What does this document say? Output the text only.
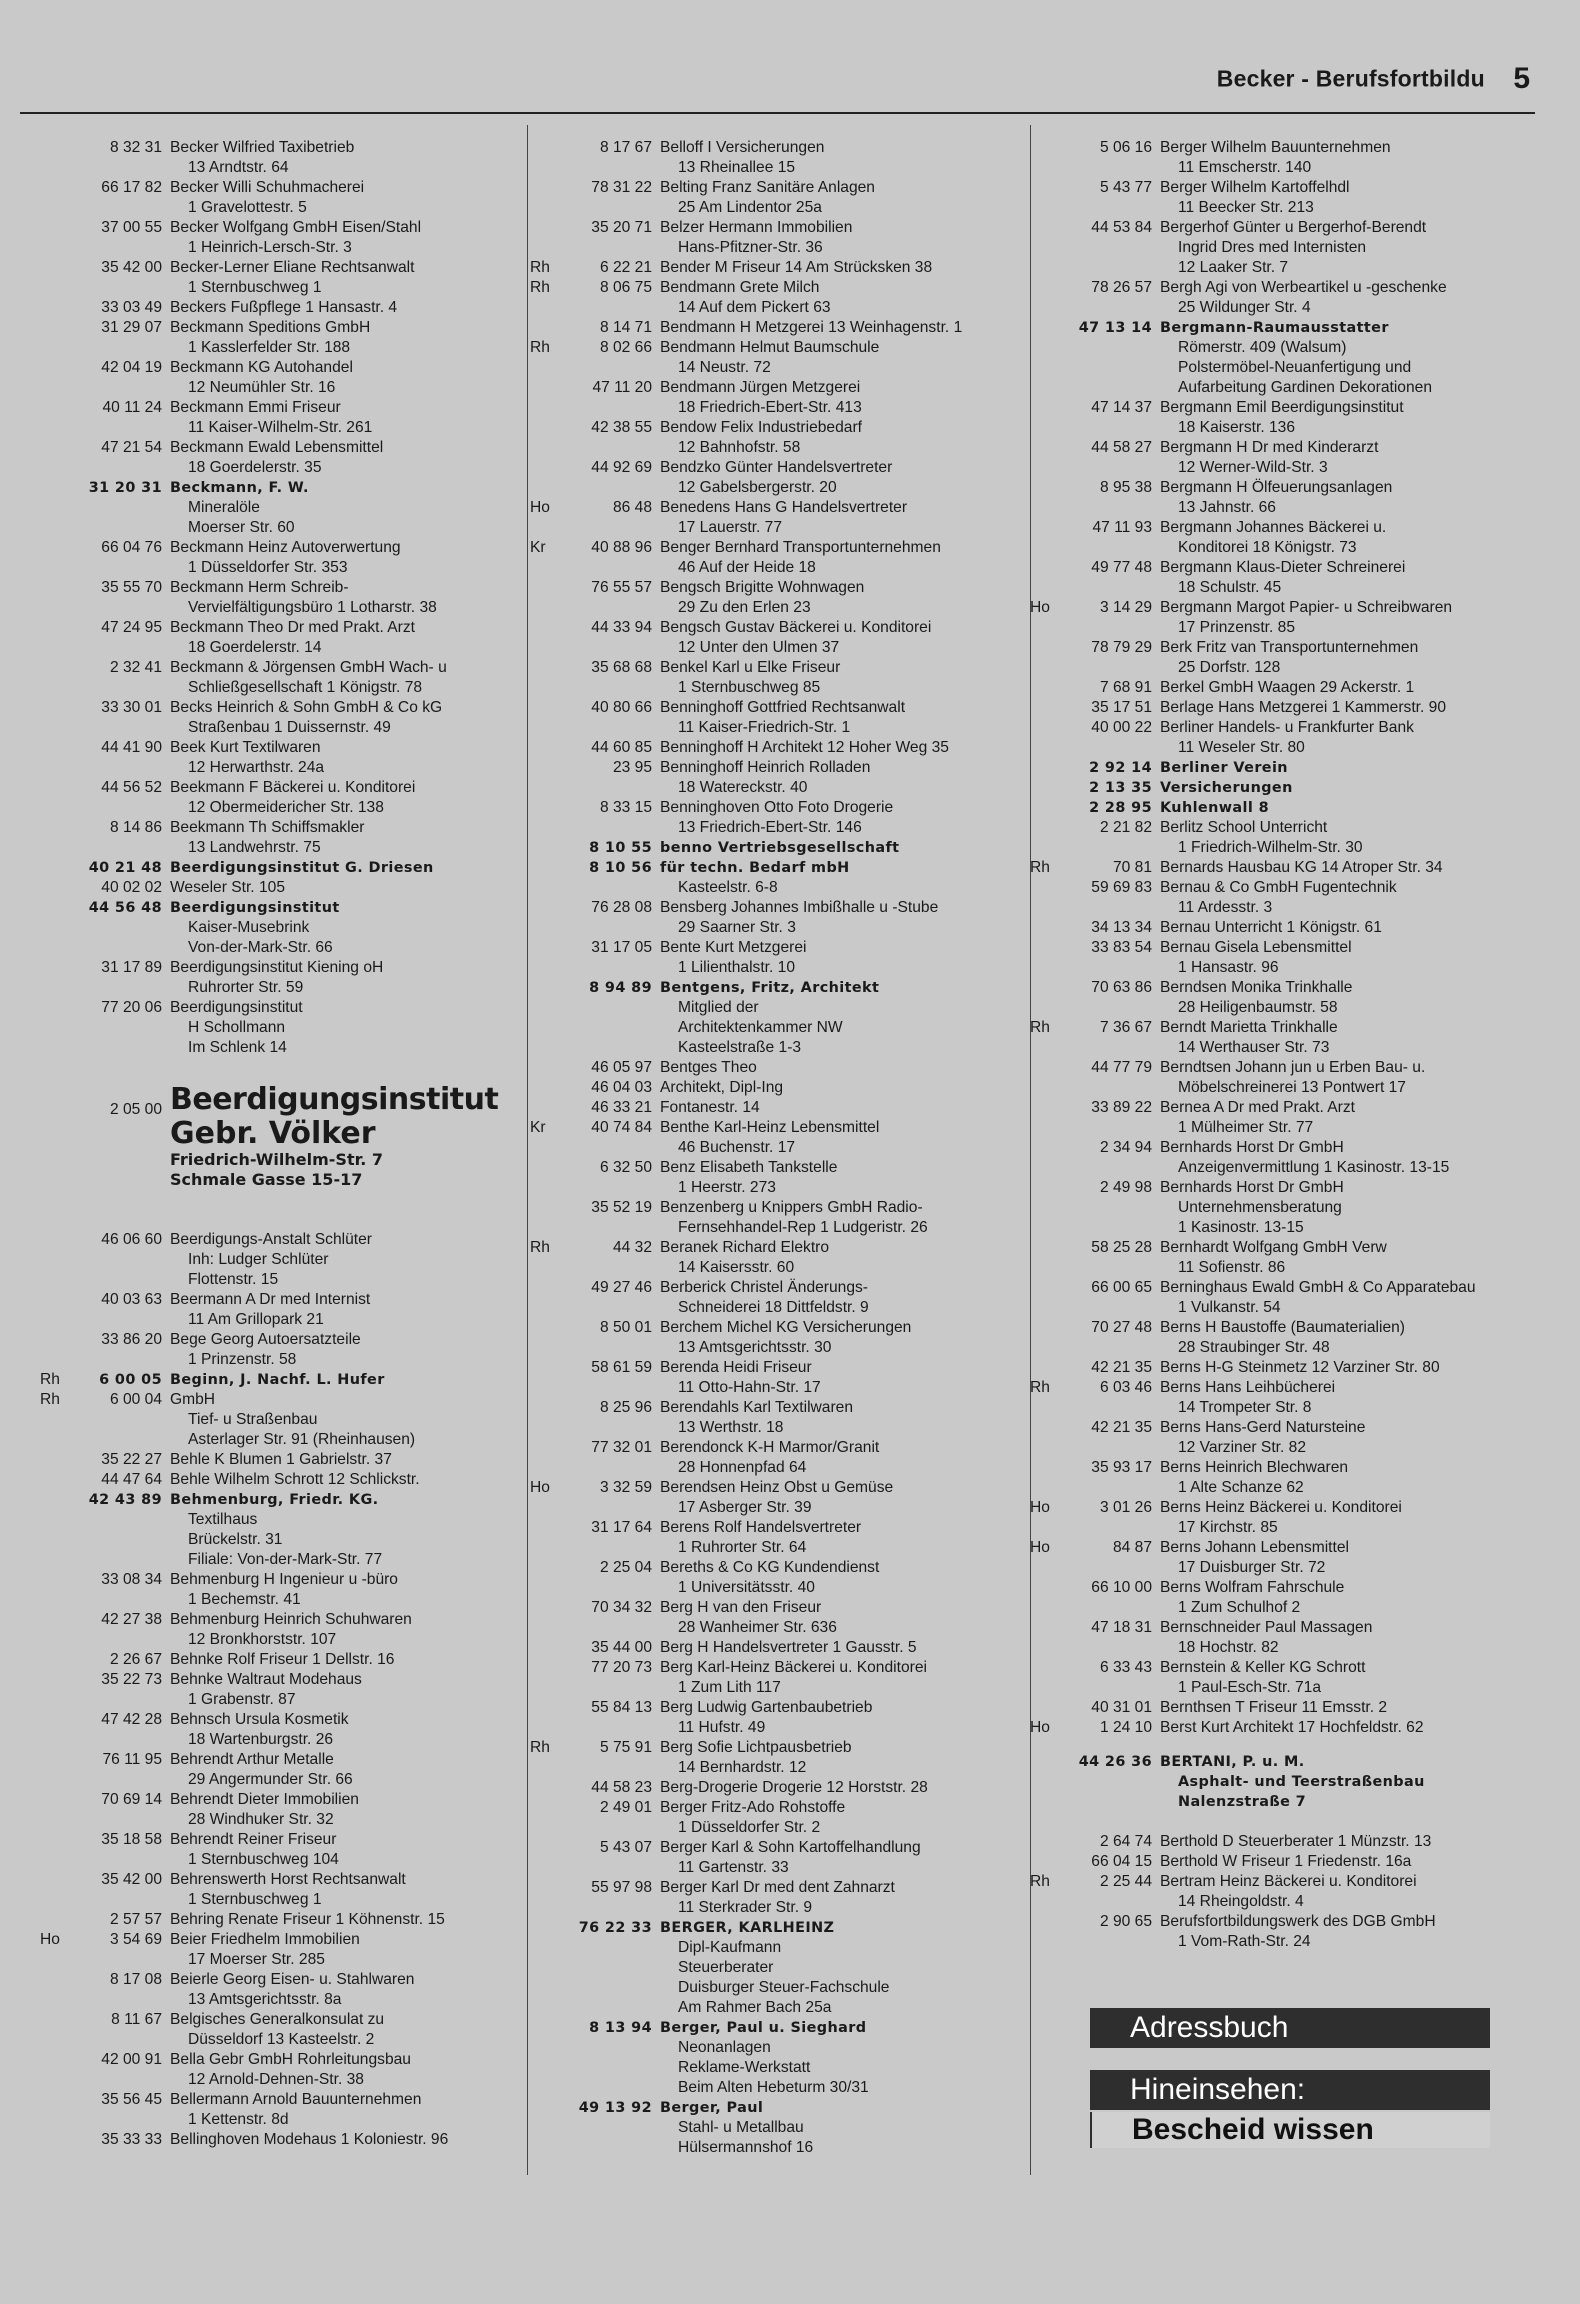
Becker - Berufsfortbildu 5
8 32 31 Becker Wilfried Taxibetrieb
13 Arndtstr. 64
66 17 82 Becker Willi Schuhmacherei
1 Gravelottestr. 5
37 00 55 Becker Wolfgang GmbH Eisen/Stahl
1 Heinrich-Lersch-Str. 3
35 42 00 Becker-Lerner Eliane Rechtsanwalt
1 Sternbuschweg 1
33 03 49 Beckers Fußpflege 1 Hansastr. 4
31 29 07 Beckmann Speditions GmbH
1 Kasslerfelder Str. 188
42 04 19 Beckmann KG Autohandel
12 Neumühler Str. 16
40 11 24 Beckmann Emmi Friseur
11 Kaiser-Wilhelm-Str. 261
47 21 54 Beckmann Ewald Lebensmittel
18 Goerdelerstr. 35
31 20 31 Beckmann, F. W.
Mineralöle
Moerser Str. 60
66 04 76 Beckmann Heinz Autoverwertung
1 Düsseldorfer Str. 353
35 55 70 Beckmann Herm Schreib-
Vervielfältigungsbüro 1 Lotharstr. 38
47 24 95 Beckmann Theo Dr med Prakt. Arzt
18 Goerdelerstr. 14
2 32 41 Beckmann & Jörgensen GmbH Wach- u
Schließgesellschaft 1 Königstr. 78
33 30 01 Becks Heinrich & Sohn GmbH & Co kG
Straßenbau 1 Duissernstr. 49
44 41 90 Beek Kurt Textilwaren
12 Herwarthstr. 24a
44 56 52 Beekmann F Bäckerei u. Konditorei
12 Obermeidericher Str. 138
8 14 86 Beekmann Th Schiffsmakler
13 Landwehrstr. 75
40 21 48 Beerdigungsinstitut G. Driesen
40 02 02 Weseler Str. 105
44 56 48 Beerdigungsinstitut
Kaiser-Musebrink
Von-der-Mark-Str. 66
31 17 89 Beerdigungsinstitut Kiening oH
Ruhrorter Str. 59
77 20 06 Beerdigungsinstitut
H Schollmann
Im Schlenk 14
2 05 00 Beerdigungsinstitut
Gebr. Völker
Friedrich-Wilhelm-Str. 7
Schmale Gasse 15-17
46 06 60 Beerdigungs-Anstalt Schlüter
Inh: Ludger Schlüter
Flottenstr. 15
40 03 63 Beermann A Dr med Internist
11 Am Grillopark 21
33 86 20 Bege Georg Autoersatzteile
1 Prinzenstr. 58
Rh	6 00 05 Beginn, J. Nachf. L. Hufer
Rh	6 00 04 GmbH
Tief- u Straßenbau
Asterlager Str. 91 (Rheinhausen)
35 22 27 Behle K Blumen 1 Gabrielstr. 37
44 47 64 Behle Wilhelm Schrott 12 Schlickstr.
42 43 89 Behmenburg, Friedr. KG.
Textilhaus
Brückelstr. 31
Filiale: Von-der-Mark-Str. 77
33 08 34 Behmenburg H Ingenieur u -büro
1 Bechemstr. 41
42 27 38 Behmenburg Heinrich Schuhwaren
12 Bronkhorststr. 107
2 26 67 Behnke Rolf Friseur 1 Dellstr. 16
35 22 73 Behnke Waltraut Modehaus
1 Grabenstr. 87
47 42 28 Behnsch Ursula Kosmetik
18 Wartenburgstr. 26
76 11 95 Behrendt Arthur Metalle
29 Angermunder Str. 66
70 69 14 Behrendt Dieter Immobilien
28 Windhuker Str. 32
35 18 58 Behrendt Reiner Friseur
1 Sternbuschweg 104
35 42 00 Behrenswerth Horst Rechtsanwalt
1 Sternbuschweg 1
2 57 57 Behring Renate Friseur 1 Köhnenstr. 15
Ho	3 54 69 Beier Friedhelm Immobilien
17 Moerser Str. 285
8 17 08 Beierle Georg Eisen- u. Stahlwaren
13 Amtsgerichtsstr. 8a
8 11 67 Belgisches Generalkonsulat zu
Düsseldorf 13 Kasteelstr. 2
42 00 91 Bella Gebr GmbH Rohrleitungsbau
12 Arnold-Dehnen-Str. 38
35 56 45 Bellermann Arnold Bauunternehmen
1 Kettenstr. 8d
35 33 33 Bellinghoven Modehaus 1 Koloniestr. 96
8 17 67 Belloff I Versicherungen
13 Rheinallee 15
78 31 22 Belting Franz Sanitäre Anlagen
25 Am Lindentor 25a
35 20 71 Belzer Hermann Immobilien
Hans-Pfitzner-Str. 36
Rh	6 22 21 Bender M Friseur 14 Am Strücksken 38
Rh	8 06 75 Bendmann Grete Milch
14 Auf dem Pickert 63
8 14 71 Bendmann H Metzgerei 13 Weinhagenstr. 1
Rh	8 02 66 Bendmann Helmut Baumschule
14 Neustr. 72
47 11 20 Bendmann Jürgen Metzgerei
18 Friedrich-Ebert-Str. 413
42 38 55 Bendow Felix Industriebedarf
12 Bahnhofstr. 58
44 92 69 Bendzko Günter Handelsvertreter
12 Gabelsbergerstr. 20
Ho	86 48 Benedens Hans G Handelsvertreter
17 Lauerstr. 77
Kr	40 88 96 Benger Bernhard Transportunternehmen
46 Auf der Heide 18
76 55 57 Bengsch Brigitte Wohnwagen
29 Zu den Erlen 23
44 33 94 Bengsch Gustav Bäckerei u. Konditorei
12 Unter den Ulmen 37
35 68 68 Benkel Karl u Elke Friseur
1 Sternbuschweg 85
40 80 66 Benninghoff Gottfried Rechtsanwalt
11 Kaiser-Friedrich-Str. 1
44 60 85 Benninghoff H Architekt 12 Hoher Weg 35
23 95 Benninghoff Heinrich Rolladen
18 Watereckstr. 40
8 33 15 Benninghoven Otto Foto Drogerie
13 Friedrich-Ebert-Str. 146
8 10 55 benno Vertriebsgesellschaft
8 10 56 für techn. Bedarf mbH
Kasteelstr. 6-8
76 28 08 Bensberg Johannes Imbißhalle u -Stube
29 Saarner Str. 3
31 17 05 Bente Kurt Metzgerei
1 Lilienthalstr. 10
8 94 89 Bentgens, Fritz, Architekt
Mitglied der
Architektenkammer NW
Kasteelstraße 1-3
46 05 97 Bentges Theo
46 04 03 Architekt, Dipl-Ing
46 33 21 Fontanestr. 14
Kr	40 74 84 Benthe Karl-Heinz Lebensmittel
46 Buchenstr. 17
6 32 50 Benz Elisabeth Tankstelle
1 Heerstr. 273
35 52 19 Benzenberg u Knippers GmbH Radio-
Fernsehhandel-Rep 1 Ludgeristr. 26
Rh	44 32 Beranek Richard Elektro
14 Kaisersstr. 60
49 27 46 Berberick Christel Änderungs-
Schneiderei 18 Dittfeldstr. 9
8 50 01 Berchem Michel KG Versicherungen
13 Amtsgerichtsstr. 30
58 61 59 Berenda Heidi Friseur
11 Otto-Hahn-Str. 17
8 25 96 Berendahls Karl Textilwaren
13 Werthstr. 18
77 32 01 Berendonck K-H Marmor/Granit
28 Honnenpfad 64
Ho	3 32 59 Berendsen Heinz Obst u Gemüse
17 Asberger Str. 39
31 17 64 Berens Rolf Handelsvertreter
1 Ruhrorter Str. 64
2 25 04 Bereths & Co KG Kundendienst
1 Universitätsstr. 40
70 34 32 Berg H van den Friseur
28 Wanheimer Str. 636
35 44 00 Berg H Handelsvertreter 1 Gausstr. 5
77 20 73 Berg Karl-Heinz Bäckerei u. Konditorei
1 Zum Lith 117
55 84 13 Berg Ludwig Gartenbaubetrieb
11 Hufstr. 49
Rh	5 75 91 Berg Sofie Lichtpausbetrieb
14 Bernhardstr. 12
44 58 23 Berg-Drogerie Drogerie 12 Horststr. 28
2 49 01 Berger Fritz-Ado Rohstoffe
1 Düsseldorfer Str. 2
5 43 07 Berger Karl & Sohn Kartoffelhandlung
11 Gartenstr. 33
55 97 98 Berger Karl Dr med dent Zahnarzt
11 Sterkrader Str. 9
76 22 33 BERGER, KARLHEINZ
Dipl-Kaufmann
Steuerberater
Duisburger Steuer-Fachschule
Am Rahmer Bach 25a
8 13 94 Berger, Paul u. Sieghard
Neonanlagen
Reklame-Werkstatt
Beim Alten Hebeturm 30/31
49 13 92 Berger, Paul
Stahl- u Metallbau
Hülsermannshof 16
5 06 16 Berger Wilhelm Bauunternehmen
11 Emscherstr. 140
5 43 77 Berger Wilhelm Kartoffelhdl
11 Beecker Str. 213
44 53 84 Bergerhof Günter u Bergerhof-Berendt
Ingrid Dres med Internisten
12 Laaker Str. 7
78 26 57 Bergh Agi von Werbeartikel u -geschenke
25 Wildunger Str. 4
47 13 14 Bergmann-Raumausstatter
Römerstr. 409 (Walsum)
Polstermöbel-Neuanfertigung und
Aufarbeitung Gardinen Dekorationen
47 14 37 Bergmann Emil Beerdigungsinstitut
18 Kaiserstr. 136
44 58 27 Bergmann H Dr med Kinderarzt
12 Werner-Wild-Str. 3
8 95 38 Bergmann H Ölfeuerungsanlagen
13 Jahnstr. 66
47 11 93 Bergmann Johannes Bäckerei u.
Konditorei 18 Königstr. 73
49 77 48 Bergmann Klaus-Dieter Schreinerei
18 Schulstr. 45
Ho	3 14 29 Bergmann Margot Papier- u Schreibwaren
17 Prinzenstr. 85
78 79 29 Berk Fritz van Transportunternehmen
25 Dorfstr. 128
7 68 91 Berkel GmbH Waagen 29 Ackerstr. 1
35 17 51 Berlage Hans Metzgerei 1 Kammerstr. 90
40 00 22 Berliner Handels- u Frankfurter Bank
11 Weseler Str. 80
2 92 14 Berliner Verein
2 13 35 Versicherungen
2 28 95 Kuhlenwall 8
2 21 82 Berlitz School Unterricht
1 Friedrich-Wilhelm-Str. 30
Rh	70 81 Bernards Hausbau KG 14 Atroper Str. 34
59 69 83 Bernau & Co GmbH Fugentechnik
11 Ardesstr. 3
34 13 34 Bernau Unterricht 1 Königstr. 61
33 83 54 Bernau Gisela Lebensmittel
1 Hansastr. 96
70 63 86 Berndsen Monika Trinkhalle
28 Heiligenbaumstr. 58
Rh	7 36 67 Berndt Marietta Trinkhalle
14 Werthauser Str. 73
44 77 79 Berndtsen Johann jun u Erben Bau- u.
Möbelschreinerei 13 Pontwert 17
33 89 22 Bernea A Dr med Prakt. Arzt
1 Mülheimer Str. 77
2 34 94 Bernhards Horst Dr GmbH
Anzeigenvermittlung 1 Kasinostr. 13-15
2 49 98 Bernhards Horst Dr GmbH
Unternehmensberatung
1 Kasinostr. 13-15
58 25 28 Bernhardt Wolfgang GmbH Verw
11 Sofienstr. 86
66 00 65 Berninghaus Ewald GmbH & Co Apparatebau
1 Vulkanstr. 54
70 27 48 Berns H Baustoffe (Baumaterialien)
28 Straubinger Str. 48
42 21 35 Berns H-G Steinmetz 12 Varziner Str. 80
Rh	6 03 46 Berns Hans Leihbücherei
14 Trompeter Str. 8
42 21 35 Berns Hans-Gerd Natursteine
12 Varziner Str. 82
35 93 17 Berns Heinrich Blechwaren
1 Alte Schanze 62
Ho	3 01 26 Berns Heinz Bäckerei u. Konditorei
17 Kirchstr. 85
Ho	84 87 Berns Johann Lebensmittel
17 Duisburger Str. 72
66 10 00 Berns Wolfram Fahrschule
1 Zum Schulhof 2
47 18 31 Bernschneider Paul Massagen
18 Hochstr. 82
6 33 43 Bernstein & Keller KG Schrott
1 Paul-Esch-Str. 71a
40 31 01 Bernthsen T Friseur 11 Emsstr. 2
Ho	1 24 10 Berst Kurt Architekt 17 Hochfeldstr. 62
44 26 36 BERTANI, P. u. M.
Asphalt- und Teerstraßenbau
Nalenzstraße 7
2 64 74 Berthold D Steuerberater 1 Münzstr. 13
66 04 15 Berthold W Friseur 1 Friedenstr. 16a
Rh	2 25 44 Bertram Heinz Bäckerei u. Konditorei
14 Rheingoldstr. 4
2 90 65 Berufsfortbildungswerk des DGB GmbH
1 Vom-Rath-Str. 24
Adressbuch
Hineinsehen:
Bescheid wissen
